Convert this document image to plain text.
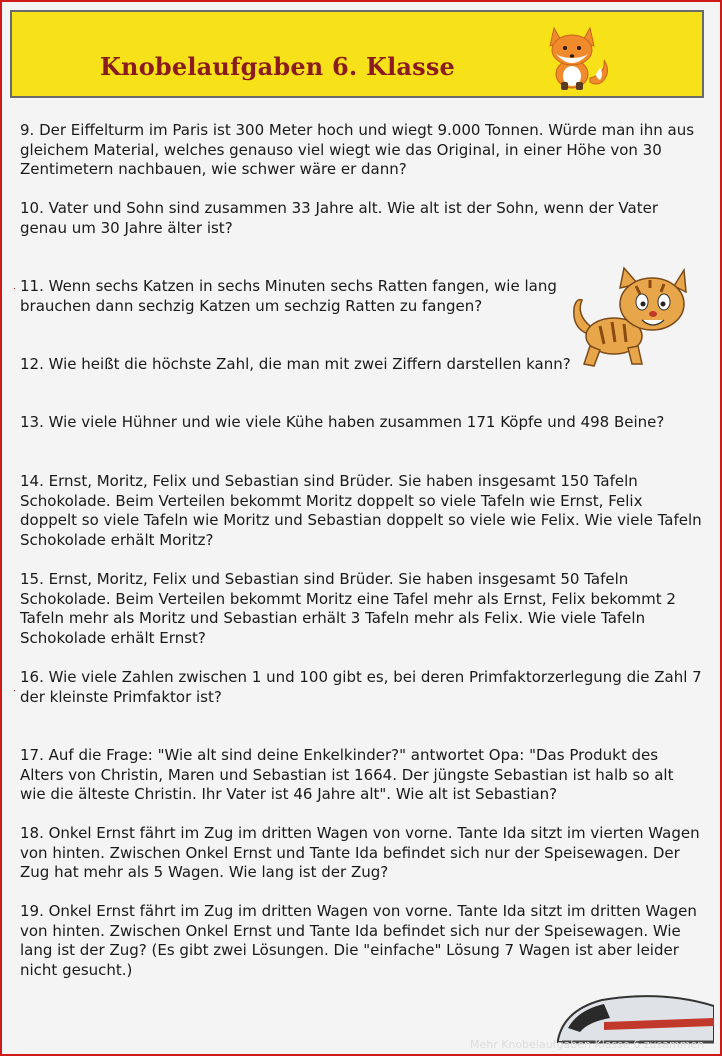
Knobelaufgaben 6. Klasse

9. Der Eiffelturm im Paris ist 300 Meter hoch und wiegt 9.000 Tonnen. Würde man ihn aus gleichem Material, welches genauso viel wiegt wie das Original, in einer Höhe von 30 Zentimetern nachbauen, wie schwer wäre er dann?

10. Vater und Sohn sind zusammen 33 Jahre alt. Wie alt ist der Sohn, wenn der Vater genau um 30 Jahre älter ist?

11. Wenn sechs Katzen in sechs Minuten sechs Ratten fangen, wie lang brauchen dann sechzig Katzen um sechzig Ratten zu fangen?

12. Wie heißt die höchste Zahl, die man mit zwei Ziffern darstellen kann?

13. Wie viele Hühner und wie viele Kühe haben zusammen 171 Köpfe und 498 Beine?

14. Ernst, Moritz, Felix und Sebastian sind Brüder. Sie haben insgesamt 150 Tafeln Schokolade. Beim Verteilen bekommt Moritz doppelt so viele Tafeln wie Ernst, Felix doppelt so viele Tafeln wie Moritz und Sebastian doppelt so viele wie Felix. Wie viele Tafeln Schokolade erhält Moritz?

15. Ernst, Moritz, Felix und Sebastian sind Brüder. Sie haben insgesamt 50 Tafeln Schokolade. Beim Verteilen bekommt Moritz eine Tafel mehr als Ernst, Felix bekommt 2 Tafeln mehr als Moritz und Sebastian erhält 3 Tafeln mehr als Felix. Wie viele Tafeln Schokolade erhält Ernst?

16. Wie viele Zahlen zwischen 1 und 100 gibt es, bei deren Primfaktorzerlegung die Zahl 7 der kleinste Primfaktor ist?

17. Auf die Frage: "Wie alt sind deine Enkelkinder?" antwortet Opa: "Das Produkt des Alters von Christin, Maren und Sebastian ist 1664. Der jüngste Sebastian ist halb so alt wie die älteste Christin. Ihr Vater ist 46 Jahre alt". Wie alt ist Sebastian?

18. Onkel Ernst fährt im Zug im dritten Wagen von vorne. Tante Ida sitzt im vierten Wagen von hinten. Zwischen Onkel Ernst und Tante Ida befindet sich nur der Speisewagen. Der Zug hat mehr als 5 Wagen. Wie lang ist der Zug?

19. Onkel Ernst fährt im Zug im dritten Wagen von vorne. Tante Ida sitzt im dritten Wagen von hinten. Zwischen Onkel Ernst und Tante Ida befindet sich nur der Speisewagen. Wie lang ist der Zug? (Es gibt zwei Lösungen. Die "einfache" Lösung 7 Wagen ist aber leider nicht gesucht.)

Mehr Knobelaufgaben Klasse 6 zusammen
